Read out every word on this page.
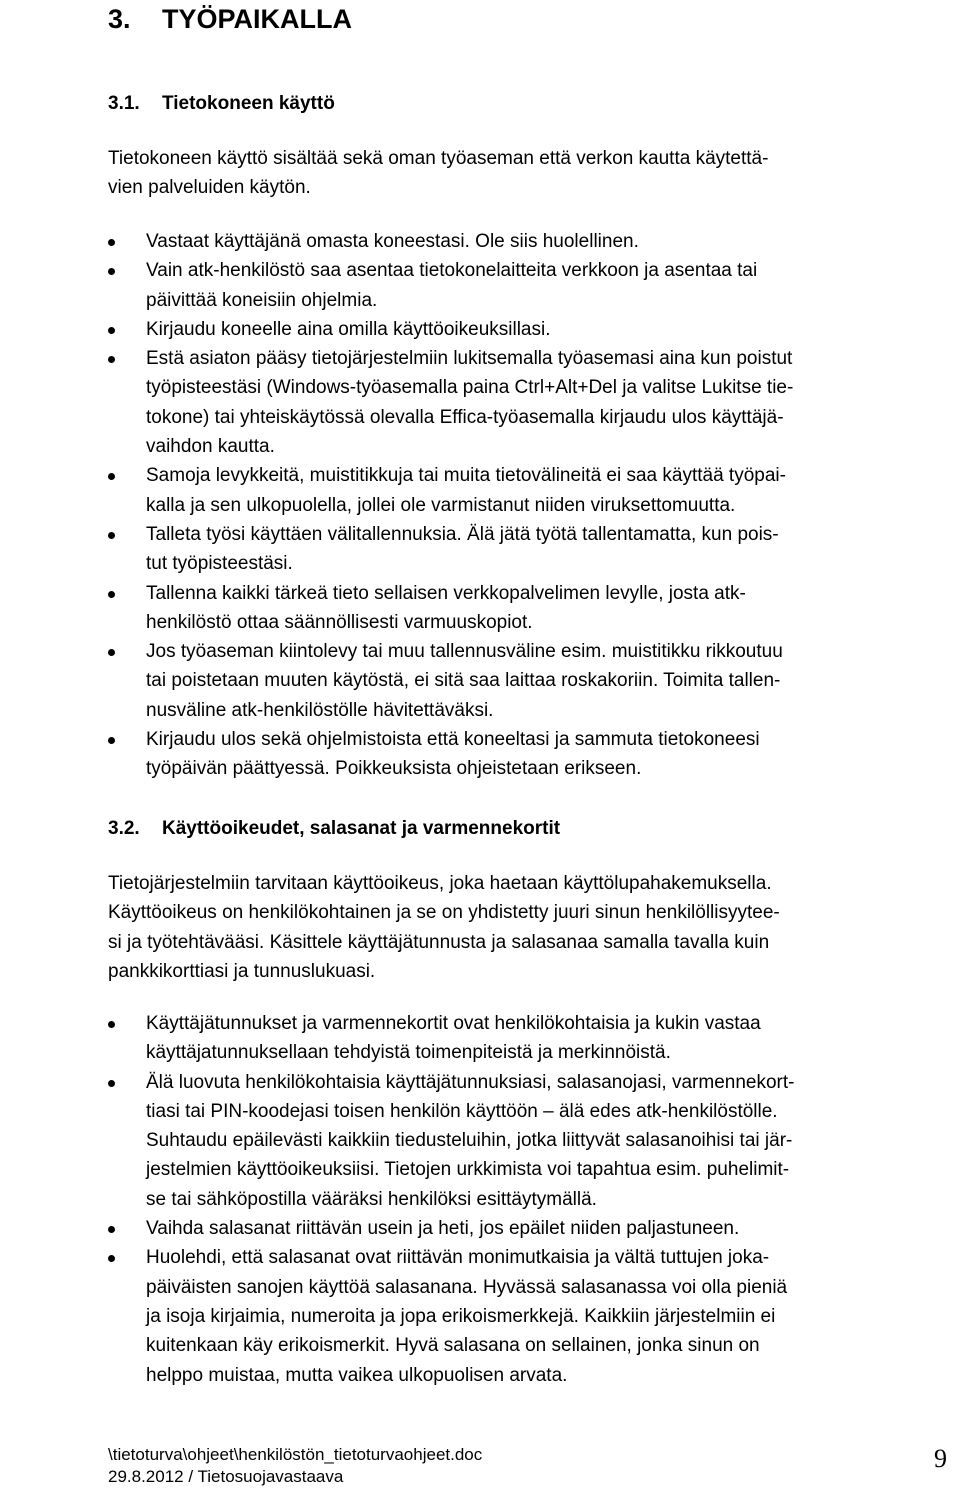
3. TYÖPAIKALLA
3.1. Tietokoneen käyttö
Tietokoneen käyttö sisältää sekä oman työaseman että verkon kautta käytettä-
vien palveluiden käytön.
Vastaat käyttäjänä omasta koneestasi. Ole siis huolellinen.
Vain atk-henkilöstö saa asentaa tietokonelaitteita verkkoon ja asentaa tai
päivittää koneisiin ohjelmia.
Kirjaudu koneelle aina omilla käyttöoikeuksillasi.
Estä asiaton pääsy tietojärjestelmiin lukitsemalla työasemasi aina kun poistut
työpisteestäsi (Windows-työasemalla paina Ctrl+Alt+Del ja valitse Lukitse tie-
tokone) tai yhteiskäytössä olevalla Effica-työasemalla kirjaudu ulos käyttäjä-
vaihdon kautta.
Samoja levykkeitä, muistitikkuja tai muita tietovälineitä ei saa käyttää työpai-
kalla ja sen ulkopuolella, jollei ole varmistanut niiden viruksettomuutta.
Talleta työsi käyttäen välitallennuksia. Älä jätä työtä tallentamatta, kun pois-
tut työpisteestäsi.
Tallenna kaikki tärkeä tieto sellaisen verkkopalvelimen levylle, josta atk-
henkilöstö ottaa säännöllisesti varmuuskopiot.
Jos työaseman kiintolevy tai muu tallennusväline esim. muistitikku rikkoutuu
tai poistetaan muuten käytöstä, ei sitä saa laittaa roskakoriin. Toimita tallen-
nusväline atk-henkilöstölle hävitettäväksi.
Kirjaudu ulos sekä ohjelmistoista että koneeltasi ja sammuta tietokoneesi
työpäivän päättyessä. Poikkeuksista ohjeistetaan erikseen.
3.2. Käyttöoikeudet, salasanat ja varmennekortit
Tietojärjestelmiin tarvitaan käyttöoikeus, joka haetaan käyttölupahakemuksella.
Käyttöoikeus on henkilökohtainen ja se on yhdistetty juuri sinun henkilöllisyytee-
si ja työtehtävääsi. Käsittele käyttäjätunnusta ja salasanaa samalla tavalla kuin
pankkikorttiasi ja tunnuslukuasi.
Käyttäjätunnukset ja varmennekortit ovat henkilökohtaisia ja kukin vastaa
käyttäjatunnuksellaan tehdyistä toimenpiteistä ja merkinnöistä.
Älä luovuta henkilökohtaisia käyttäjätunnuksiasi, salasanojasi, varmennekort-
tiasi tai PIN-koodejasi toisen henkilön käyttöön – älä edes atk-henkilöstölle.
Suhtaudu epäilevästi kaikkiin tiedusteluihin, jotka liittyvät salasanoihisi tai jär-
jestelmien käyttöoikeuksiisi. Tietojen urkkimista voi tapahtua esim. puhelimit-
se tai sähköpostilla vääräksi henkilöksi esittäytymällä.
Vaihda salasanat riittävän usein ja heti, jos epäilet niiden paljastuneen.
Huolehdi, että salasanat ovat riittävän monimutkaisia ja vältä tuttujen joka-
päiväisten sanojen käyttöä salasanana. Hyvässä salasanassa voi olla pieniä
ja isoja kirjaimia, numeroita ja jopa erikoismerkkejä. Kaikkiin järjestelmiin ei
kuitenkaan käy erikoismerkit. Hyvä salasana on sellainen, jonka sinun on
helppo muistaa, mutta vaikea ulkopuolisen arvata.
\tietoturva\ohjeet\henkilöstön_tietoturvaohjeet.doc
29.8.2012 / Tietosuojavastaava
9
